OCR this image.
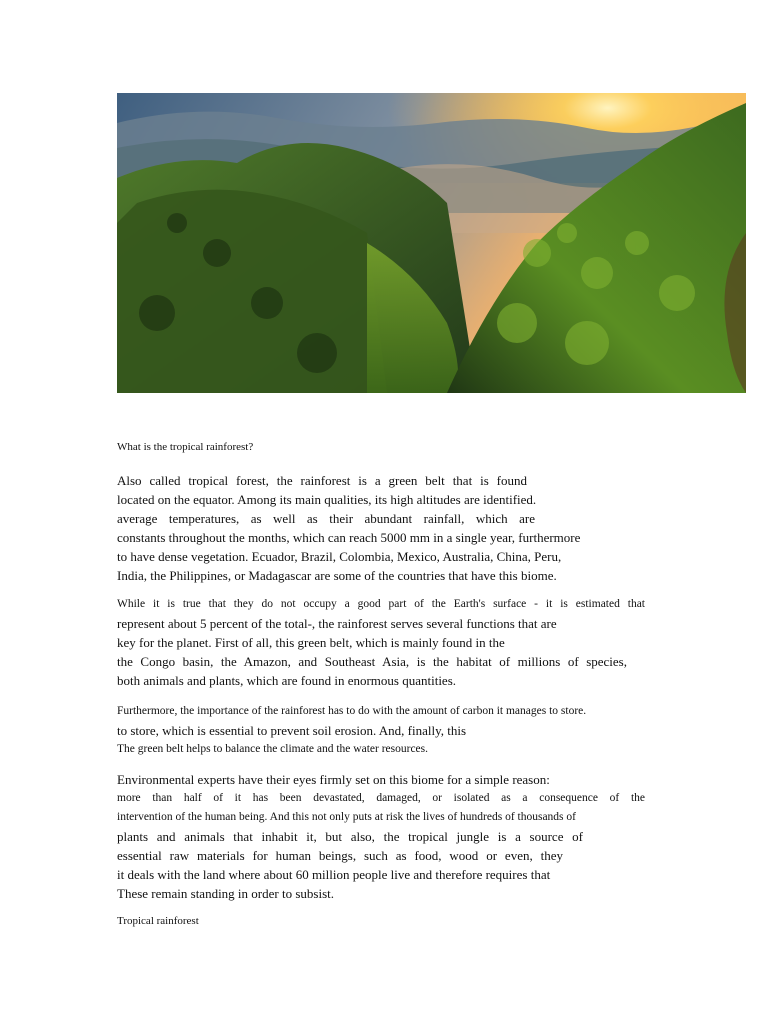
What is the tropical rainforest?
Also called tropical forest, the rainforest is a green belt that is found
located on the equator. Among its main qualities, its high altitudes are identified.
average temperatures, as well as their abundant rainfall, which are
constants throughout the months, which can reach 5000 mm in a single year, furthermore
to have dense vegetation. Ecuador, Brazil, Colombia, Mexico, Australia, China, Peru,
India, the Philippines, or Madagascar are some of the countries that have this biome.
While it is true that they do not occupy a good part of the Earth's surface - it is estimated that
represent about 5 percent of the total-, the rainforest serves several functions that are
key for the planet. First of all, this green belt, which is mainly found in the
the Congo basin, the Amazon, and Southeast Asia, is the habitat of millions of species,
both animals and plants, which are found in enormous quantities.
Furthermore, the importance of the rainforest has to do with the amount of carbon it manages to store.
to store, which is essential to prevent soil erosion. And, finally, this
The green belt helps to balance the climate and the water resources.
Environmental experts have their eyes firmly set on this biome for a simple reason:
more than half of it has been devastated, damaged, or isolated as a consequence of the
intervention of the human being. And this not only puts at risk the lives of hundreds of thousands of
plants and animals that inhabit it, but also, the tropical jungle is a source of
essential raw materials for human beings, such as food, wood or even, they
it deals with the land where about 60 million people live and therefore requires that
These remain standing in order to subsist.
Tropical rainforest
